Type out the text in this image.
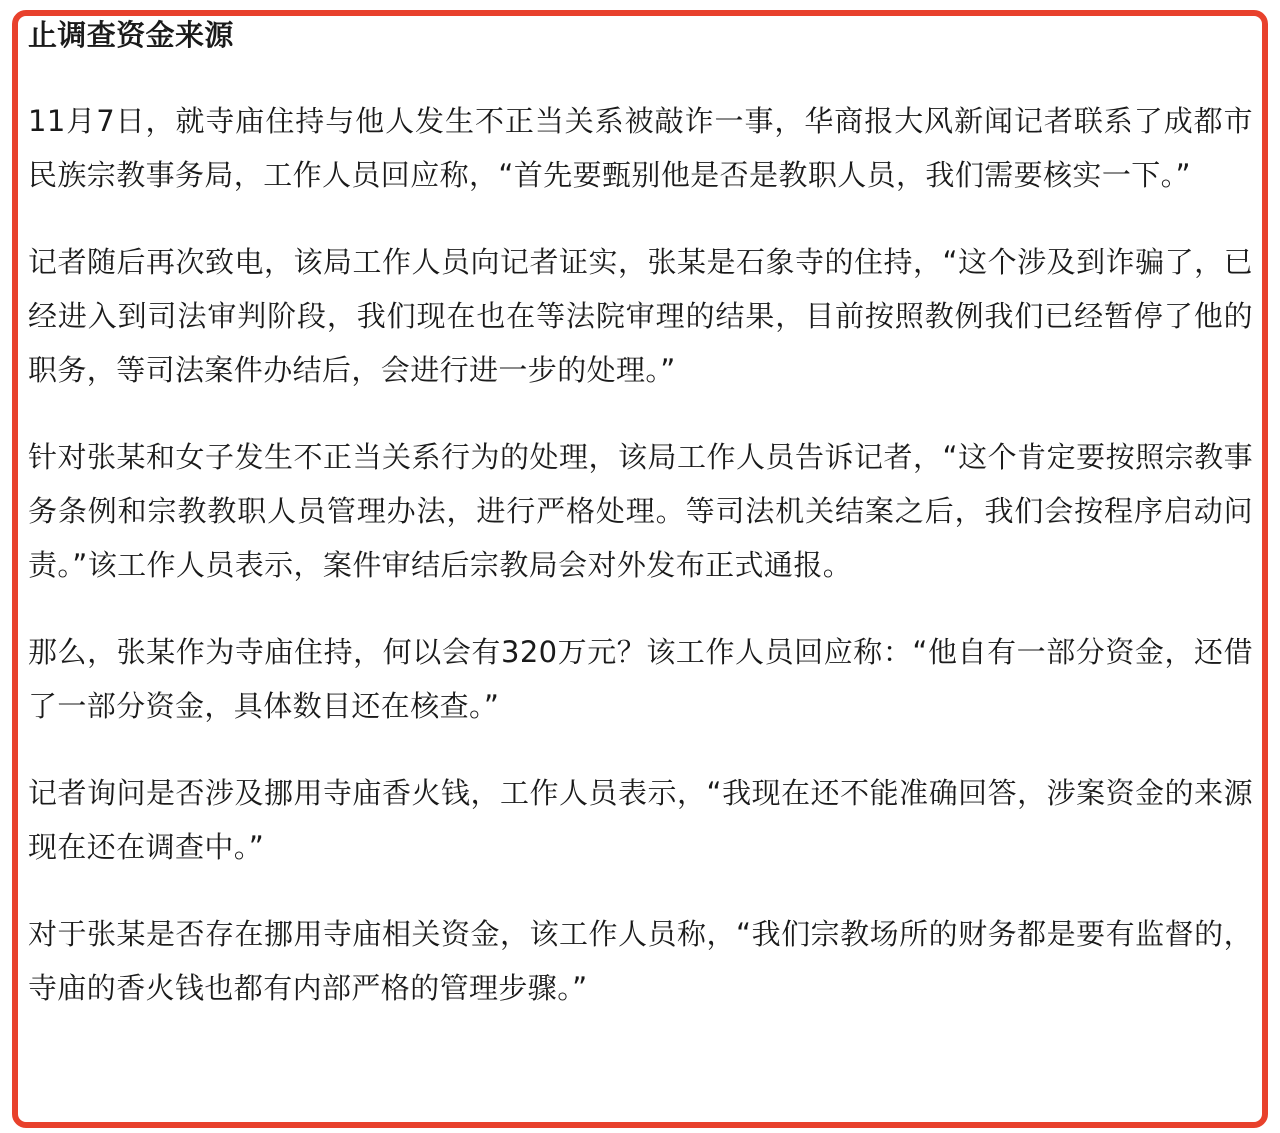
止调查资金来源

11月7日，就寺庙住持与他人发生不正当关系被敲诈一事，华商报大风新闻记者联系了成都市民族宗教事务局，工作人员回应称，“首先要甄别他是否是教职人员，我们需要核实一下。”

记者随后再次致电，该局工作人员向记者证实，张某是石象寺的住持，“这个涉及到诈骗了，已经进入到司法审判阶段，我们现在也在等法院审理的结果，目前按照教例我们已经暂停了他的职务，等司法案件办结后，会进行进一步的处理。”

针对张某和女子发生不正当关系行为的处理，该局工作人员告诉记者，“这个肯定要按照宗教事务条例和宗教教职人员管理办法，进行严格处理。等司法机关结案之后，我们会按程序启动问责。”该工作人员表示，案件审结后宗教局会对外发布正式通报。

那么，张某作为寺庙住持，何以会有320万元？该工作人员回应称：“他自有一部分资金，还借了一部分资金，具体数目还在核查。”

记者询问是否涉及挪用寺庙香火钱，工作人员表示，“我现在还不能准确回答，涉案资金的来源现在还在调查中。”

对于张某是否存在挪用寺庙相关资金，该工作人员称，“我们宗教场所的财务都是要有监督的，寺庙的香火钱也都有内部严格的管理步骤。”
